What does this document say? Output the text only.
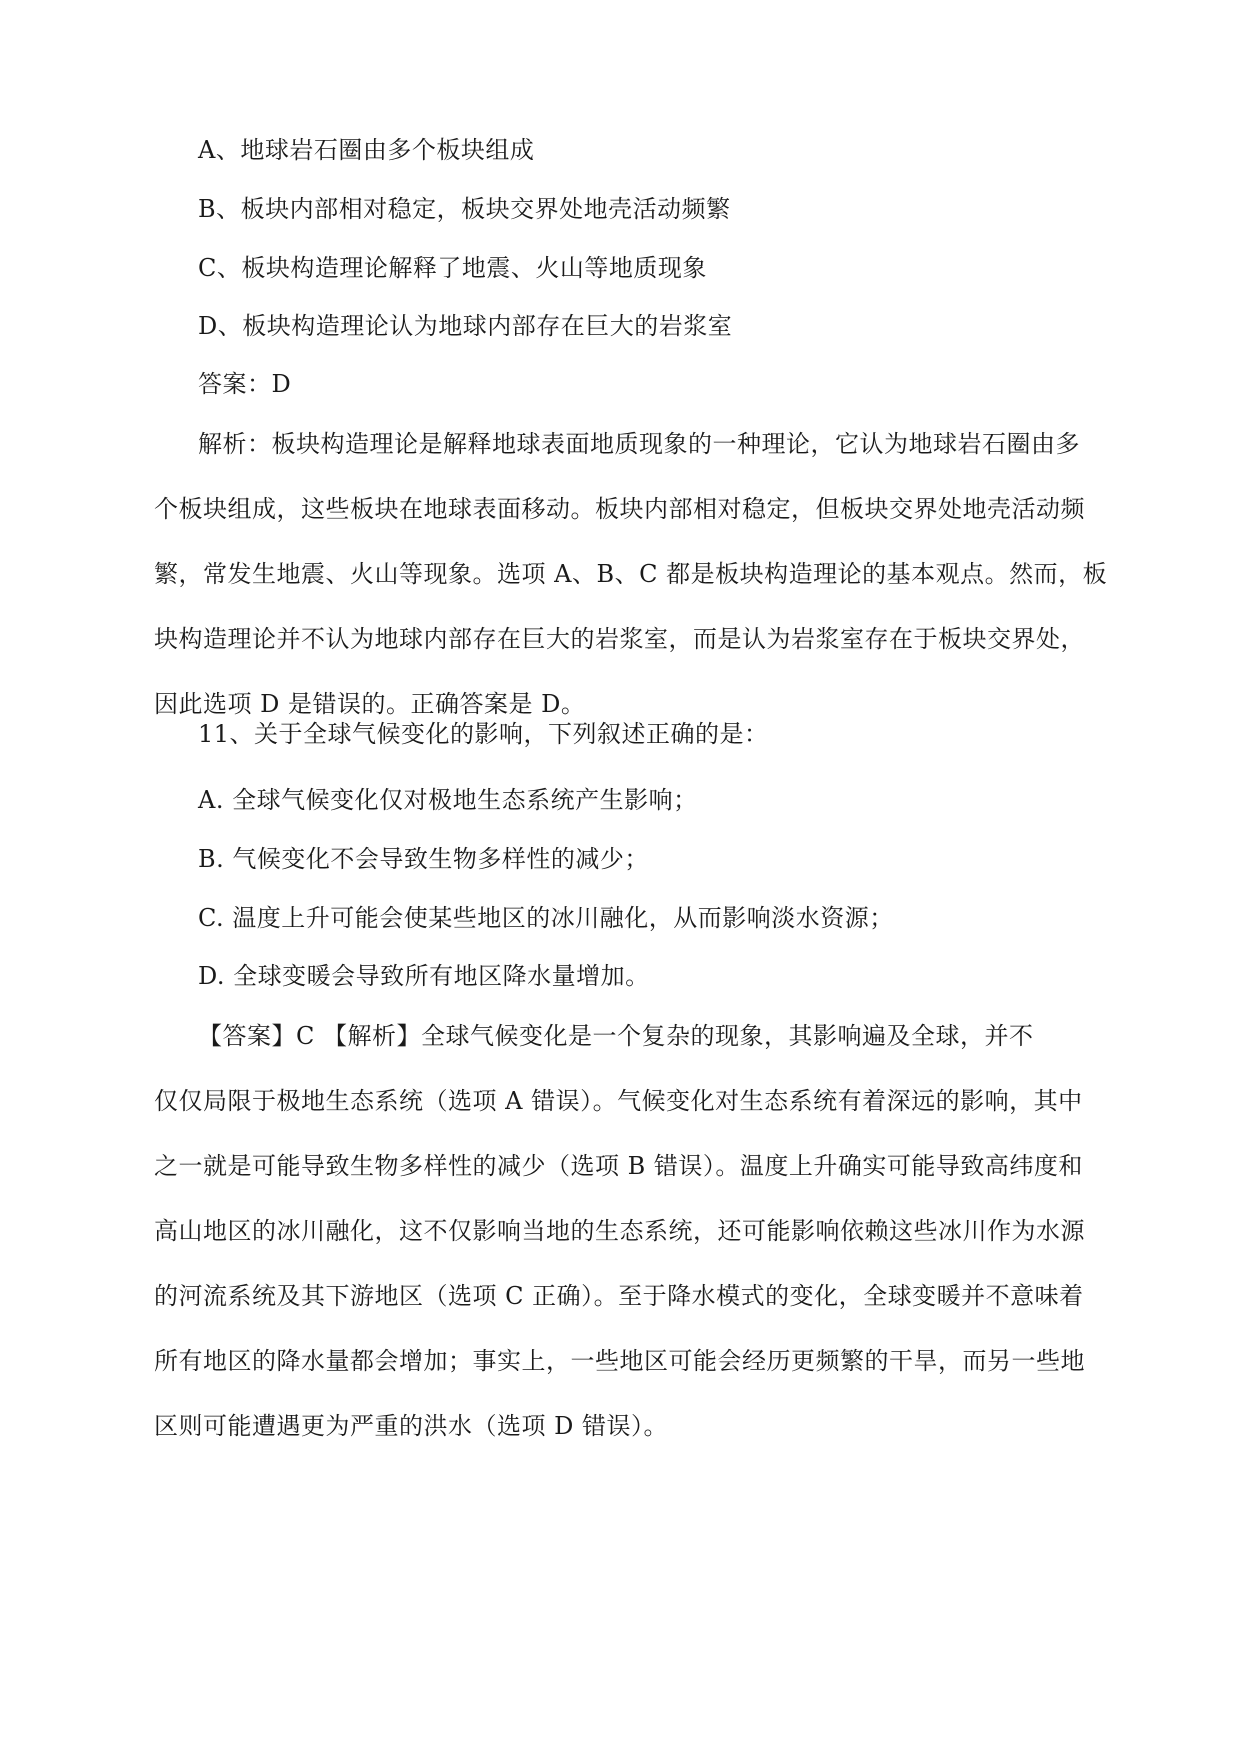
A、地球岩石圈由多个板块组成
B、板块内部相对稳定，板块交界处地壳活动频繁
C、板块构造理论解释了地震、火山等地质现象
D、板块构造理论认为地球内部存在巨大的岩浆室
答案：D
解析：板块构造理论是解释地球表面地质现象的一种理论，它认为地球岩石圈由多
个板块组成，这些板块在地球表面移动。板块内部相对稳定，但板块交界处地壳活动频
繁，常发生地震、火山等现象。选项 A、B、C 都是板块构造理论的基本观点。然而，板
块构造理论并不认为地球内部存在巨大的岩浆室，而是认为岩浆室存在于板块交界处，
因此选项 D 是错误的。正确答案是 D。
11、关于全球气候变化的影响，下列叙述正确的是：
A. 全球气候变化仅对极地生态系统产生影响；
B. 气候变化不会导致生物多样性的减少；
C. 温度上升可能会使某些地区的冰川融化，从而影响淡水资源；
D. 全球变暖会导致所有地区降水量增加。
【答案】C 【解析】全球气候变化是一个复杂的现象，其影响遍及全球，并不
仅仅局限于极地生态系统（选项 A 错误）。气候变化对生态系统有着深远的影响，其中
之一就是可能导致生物多样性的减少（选项 B 错误）。温度上升确实可能导致高纬度和
高山地区的冰川融化，这不仅影响当地的生态系统，还可能影响依赖这些冰川作为水源
的河流系统及其下游地区（选项 C 正确）。至于降水模式的变化，全球变暖并不意味着
所有地区的降水量都会增加；事实上，一些地区可能会经历更频繁的干旱，而另一些地
区则可能遭遇更为严重的洪水（选项 D 错误）。
